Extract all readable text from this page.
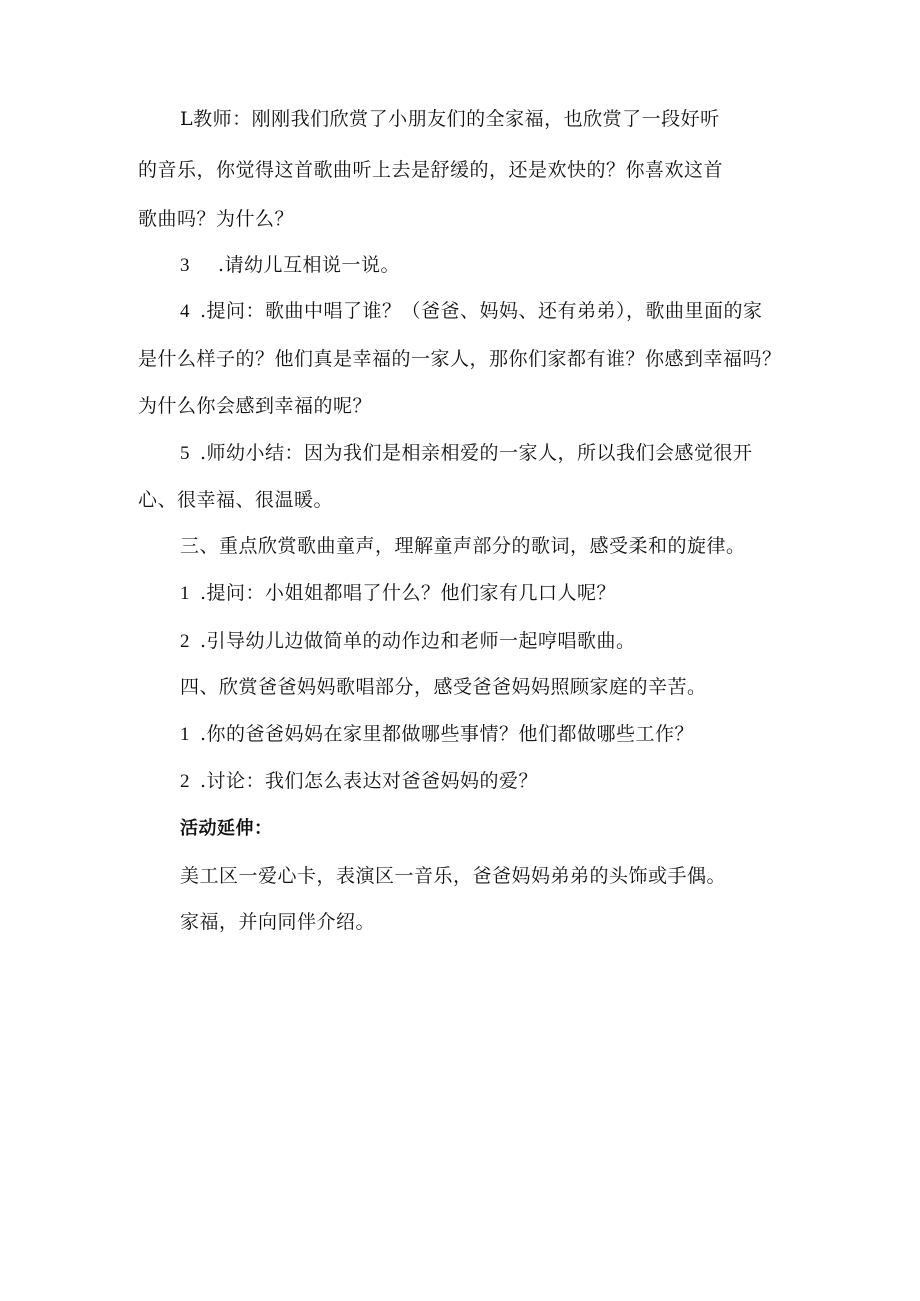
L教师：刚刚我们欣赏了小朋友们的全家福，也欣赏了一段好听
的音乐，你觉得这首歌曲听上去是舒缓的，还是欢快的？你喜欢这首
歌曲吗？为什么？
3 .请幼儿互相说一说。
4 .提问：歌曲中唱了谁？（爸爸、妈妈、还有弟弟），歌曲里面的家
是什么样子的？他们真是幸福的一家人，那你们家都有谁？你感到幸福吗？
为什么你会感到幸福的呢？
5 .师幼小结：因为我们是相亲相爱的一家人，所以我们会感觉很开
心、很幸福、很温暖。
三、重点欣赏歌曲童声，理解童声部分的歌词，感受柔和的旋律。
1 .提问：小姐姐都唱了什么？他们家有几口人呢？
2 .引导幼儿边做简单的动作边和老师一起哼唱歌曲。
四、欣赏爸爸妈妈歌唱部分，感受爸爸妈妈照顾家庭的辛苦。
1 .你的爸爸妈妈在家里都做哪些事情？他们都做哪些工作？
2 .讨论：我们怎么表达对爸爸妈妈的爱？
活动延伸：
美工区一爱心卡，表演区一音乐，爸爸妈妈弟弟的头饰或手偶。
家福，并向同伴介绍。
